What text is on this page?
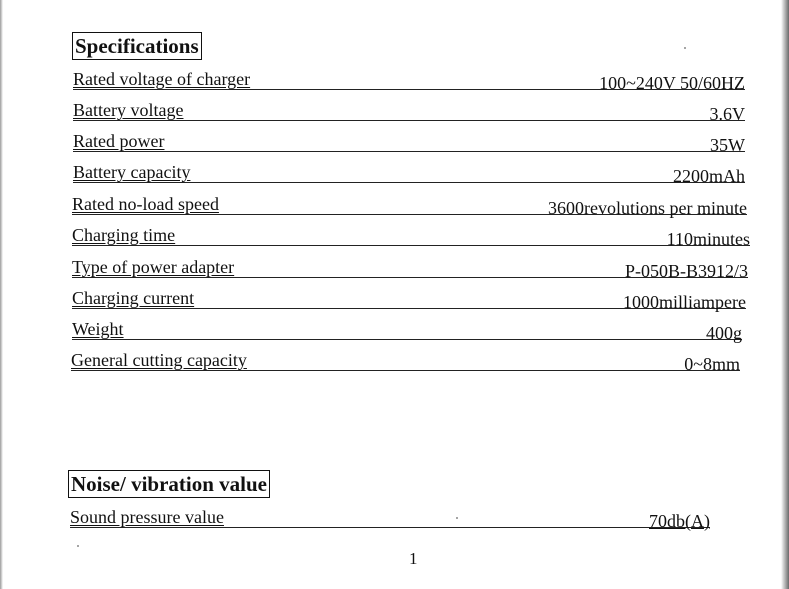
Specifications
Rated voltage of charger	100~240V 50/60HZ
Battery voltage	3.6V
Rated power	35W
Battery capacity	2200mAh
Rated no-load speed	3600revolutions per minute
Charging time	110minutes
Type of power adapter	P-050B-B3912/3
Charging current	1000milliampere
Weight	400g
General cutting capacity	0~8mm
Noise/ vibration value
Sound pressure value	70db(A)
1
